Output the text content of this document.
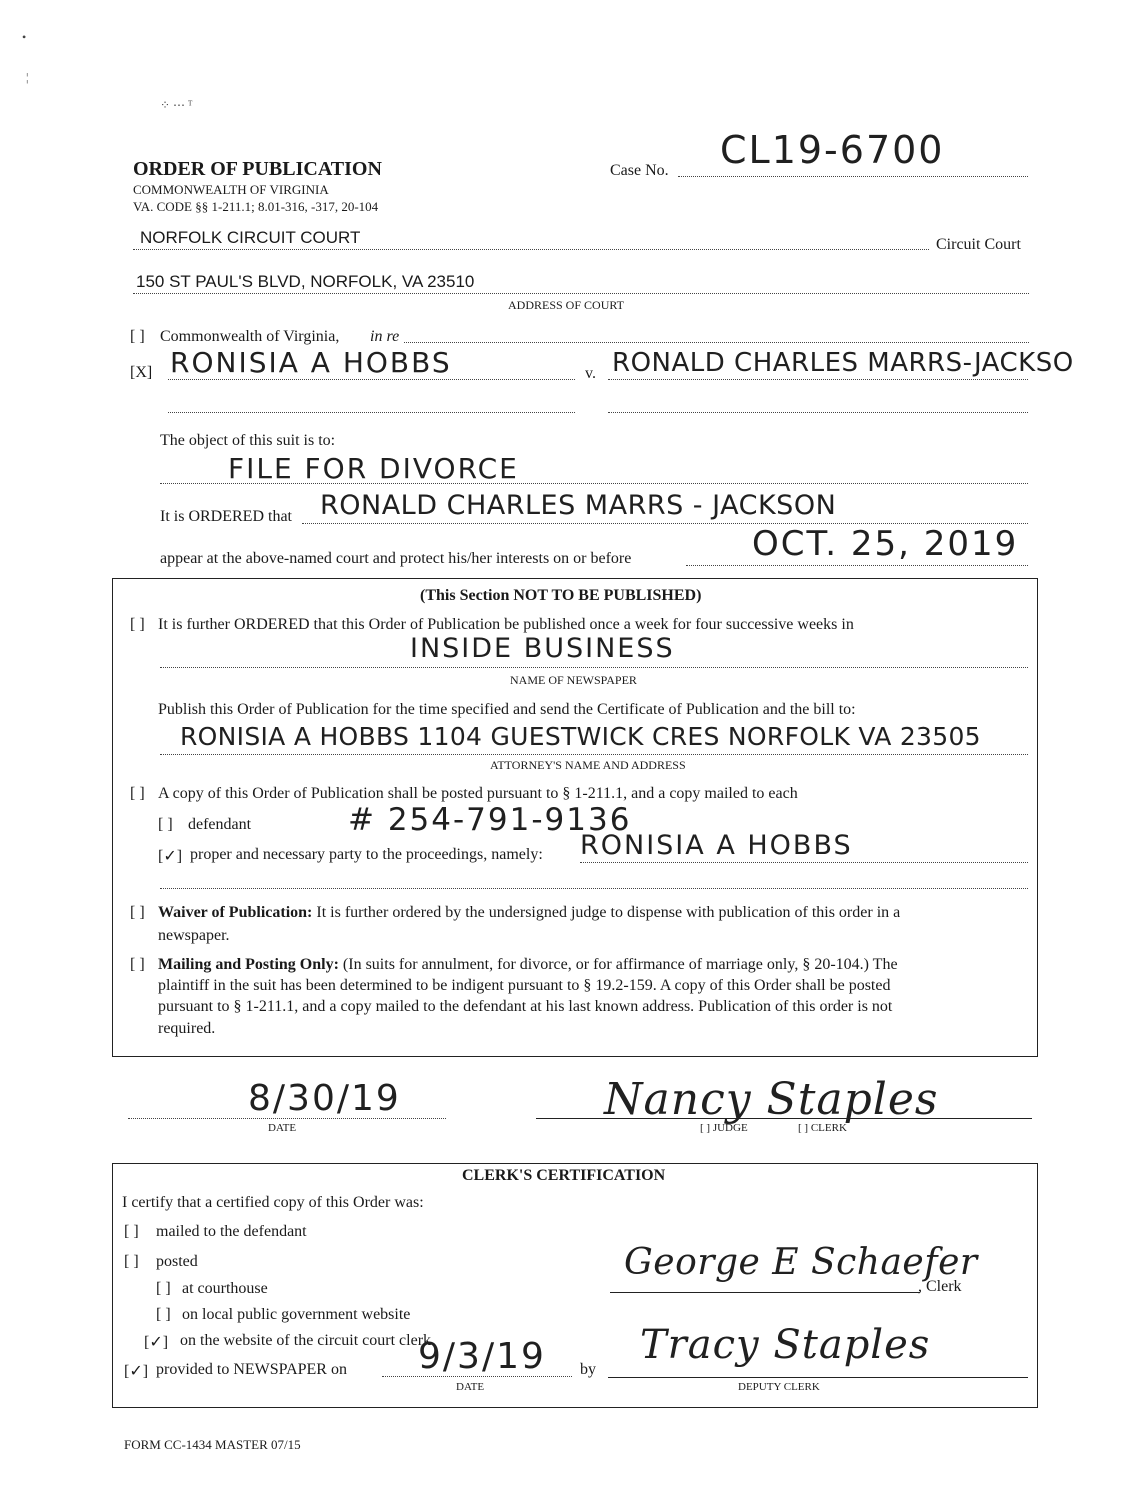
•
¦
⁘ ⋯ ᵀ
ORDER OF PUBLICATION
COMMONWEALTH OF VIRGINIA
VA. CODE §§ 1-211.1; 8.01-316, -317, 20-104
Case No. CL19-6700
NORFOLK CIRCUIT COURT	Circuit Court
150 ST PAUL'S BLVD, NORFOLK, VA 23510
ADDRESS OF COURT
[ ] Commonwealth of Virginia, in re
[X] RONISIA A HOBBS	v. RONALD CHARLES MARRS-JACKSO
The object of this suit is to:
FILE FOR DIVORCE
It is ORDERED that RONALD CHARLES MARRS - JACKSON
appear at the above-named court and protect his/her interests on or before	OCT. 25, 2019
(This Section NOT TO BE PUBLISHED)
[ ] It is further ORDERED that this Order of Publication be published once a week for four successive weeks in
INSIDE BUSINESS
NAME OF NEWSPAPER
Publish this Order of Publication for the time specified and send the Certificate of Publication and the bill to:
RONISIA A HOBBS 1104 GUESTWICK CRES NORFOLK VA 23505
ATTORNEY'S NAME AND ADDRESS
[ ] A copy of this Order of Publication shall be posted pursuant to § 1-211.1, and a copy mailed to each
[ ] defendant	# 254-791-9136
[✓] proper and necessary party to the proceedings, namely: RONISIA A HOBBS
[ ] Waiver of Publication: It is further ordered by the undersigned judge to dispense with publication of this order in a
newspaper.
[ ] Mailing and Posting Only: (In suits for annulment, for divorce, or for affirmance of marriage only, § 20-104.) The
plaintiff in the suit has been determined to be indigent pursuant to § 19.2-159. A copy of this Order shall be posted
pursuant to § 1-211.1, and a copy mailed to the defendant at his last known address. Publication of this order is not
required.
8/30/19
DATE
Nancy Staples
[ ] JUDGE	[ ] CLERK
CLERK'S CERTIFICATION
I certify that a certified copy of this Order was:
[ ] mailed to the defendant
[ ] posted
[ ] at courthouse
[ ] on local public government website
[✓] on the website of the circuit court clerk
[✓] provided to NEWSPAPER on 9/3/19
DATE
by
George E Schaefer
, Clerk
Tracy Staples
DEPUTY CLERK
FORM CC-1434 MASTER 07/15
